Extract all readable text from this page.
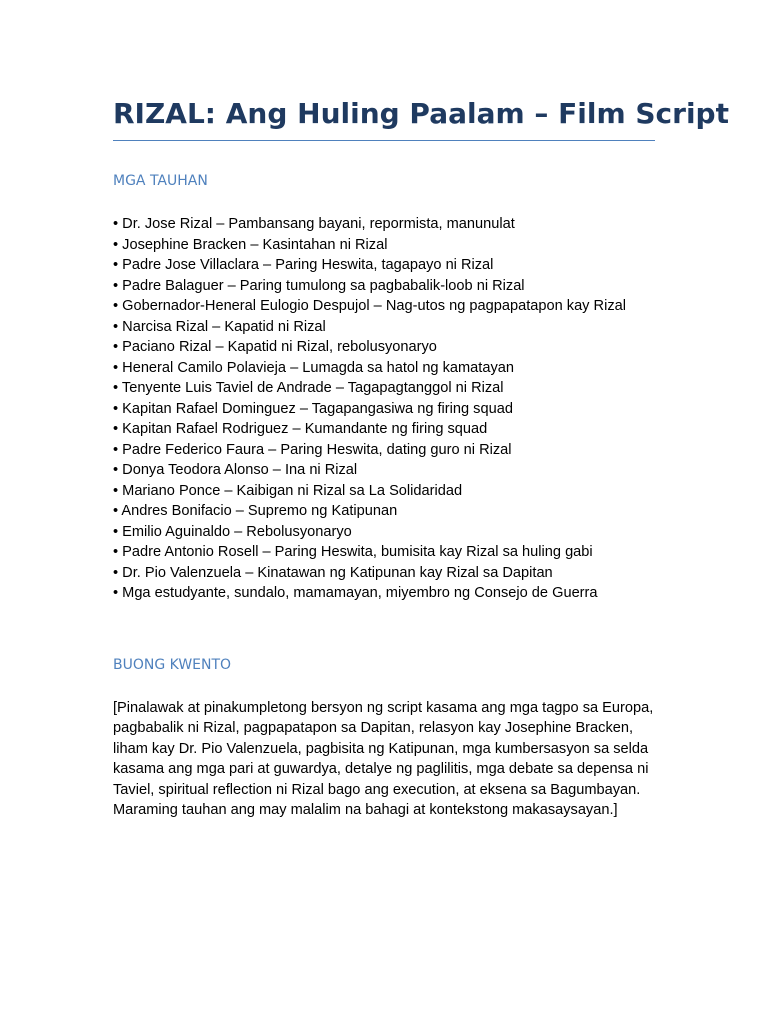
RIZAL: Ang Huling Paalam – Film Script
MGA TAUHAN
• Dr. Jose Rizal – Pambansang bayani, repormista, manunulat
• Josephine Bracken – Kasintahan ni Rizal
• Padre Jose Villaclara – Paring Heswita, tagapayo ni Rizal
• Padre Balaguer – Paring tumulong sa pagbabalik-loob ni Rizal
• Gobernador-Heneral Eulogio Despujol – Nag-utos ng pagpapatapon kay Rizal
• Narcisa Rizal – Kapatid ni Rizal
• Paciano Rizal – Kapatid ni Rizal, rebolusyonaryo
• Heneral Camilo Polavieja – Lumagda sa hatol ng kamatayan
• Tenyente Luis Taviel de Andrade – Tagapagtanggol ni Rizal
• Kapitan Rafael Dominguez – Tagapangasiwa ng firing squad
• Kapitan Rafael Rodriguez – Kumandante ng firing squad
• Padre Federico Faura – Paring Heswita, dating guro ni Rizal
• Donya Teodora Alonso – Ina ni Rizal
• Mariano Ponce – Kaibigan ni Rizal sa La Solidaridad
• Andres Bonifacio – Supremo ng Katipunan
• Emilio Aguinaldo – Rebolusyonaryo
• Padre Antonio Rosell – Paring Heswita, bumisita kay Rizal sa huling gabi
• Dr. Pio Valenzuela – Kinatawan ng Katipunan kay Rizal sa Dapitan
• Mga estudyante, sundalo, mamamayan, miyembro ng Consejo de Guerra
BUONG KWENTO

[Pinalawak at pinakumpletong bersyon ng script kasama ang mga tagpo sa Europa, pagbabalik ni Rizal, pagpapatapon sa Dapitan, relasyon kay Josephine Bracken, liham kay Dr. Pio Valenzuela, pagbisita ng Katipunan, mga kumbersasyon sa selda kasama ang mga pari at guwardya, detalye ng paglilitis, mga debate sa depensa ni Taviel, spiritual reflection ni Rizal bago ang execution, at eksena sa Bagumbayan. Maraming tauhan ang may malalim na bahagi at kontekstong makasaysayan.]
